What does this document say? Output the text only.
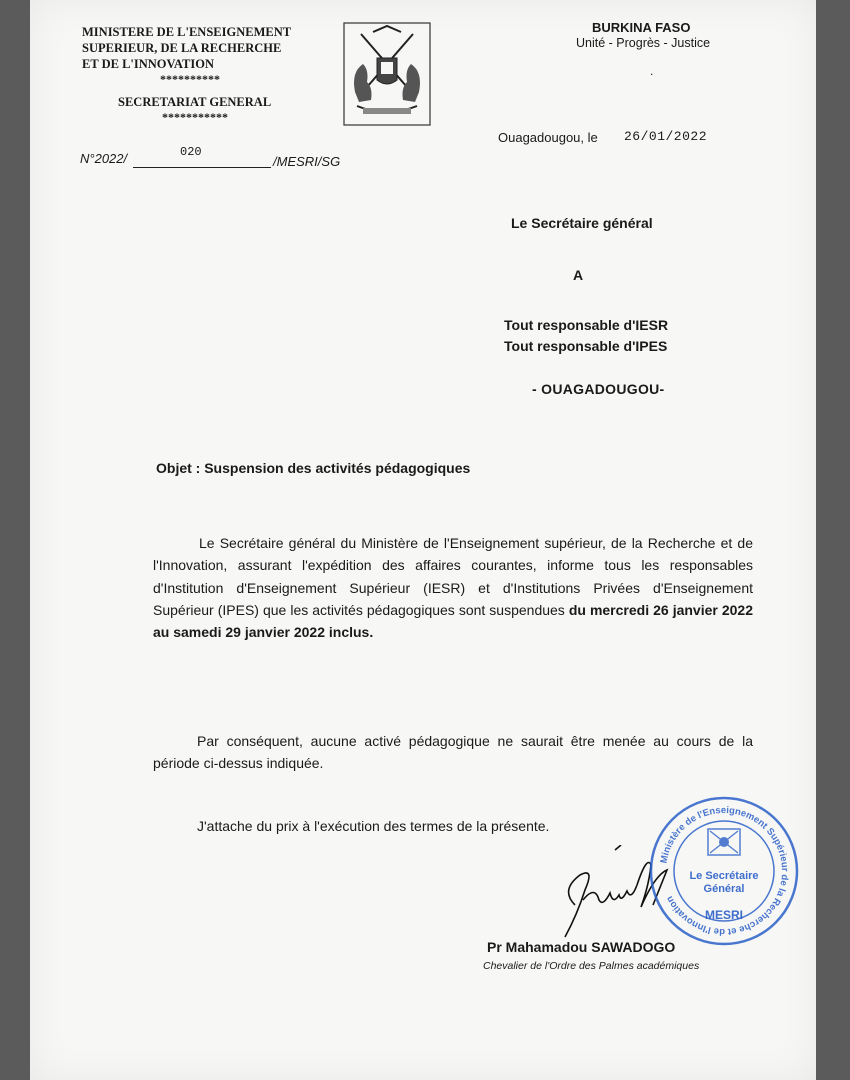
MINISTERE DE L'ENSEIGNEMENT
SUPERIEUR, DE LA RECHERCHE
ET DE L'INNOVATION
**********
SECRETARIAT GENERAL
***********
BURKINA FASO
Unité - Progrès - Justice
.
Ouagadougou, le 26/01/2022
N°2022/	020
/MESRI/SG
Le Secrétaire général
A
Tout responsable d'IESR
Tout responsable d'IPES
- OUAGADOUGOU-
Objet : Suspension des activités pédagogiques
Le Secrétaire général du Ministère de l'Enseignement supérieur, de la Recherche et de l'Innovation, assurant l'expédition des affaires courantes, informe tous les responsables d'Institution d'Enseignement Supérieur (IESR) et d'Institutions Privées d'Enseignement Supérieur (IPES) que les activités pédagogiques sont suspendues du mercredi 26 janvier 2022 au samedi 29 janvier 2022 inclus.
Par conséquent, aucune activé pédagogique ne saurait être menée au cours de la période ci-dessus indiquée.
J'attache du prix à l'exécution des termes de la présente.
Ministère de l'Enseignement Supérieur de la Recherche et de l'Innovation
Le Secrétaire
Général
MESRI
Pr Mahamadou SAWADOGO
Chevalier de l'Ordre des Palmes académiques
